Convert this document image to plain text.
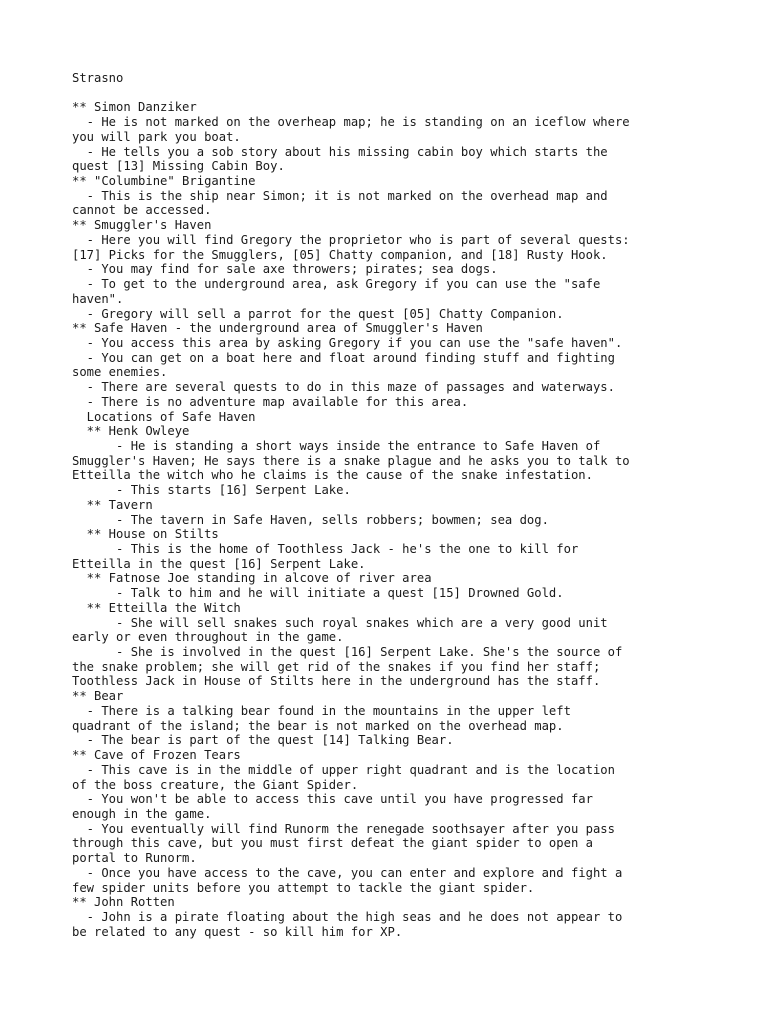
Strasno

** Simon Danziker
- He is not marked on the overheap map; he is standing on an iceflow where
you will park you boat.
- He tells you a sob story about his missing cabin boy which starts the
quest [13] Missing Cabin Boy.
** "Columbine" Brigantine
- This is the ship near Simon; it is not marked on the overhead map and
cannot be accessed.
** Smuggler's Haven
- Here you will find Gregory the proprietor who is part of several quests:
[17] Picks for the Smugglers, [05] Chatty companion, and [18] Rusty Hook.
- You may find for sale axe throwers; pirates; sea dogs.
- To get to the underground area, ask Gregory if you can use the "safe
haven".
- Gregory will sell a parrot for the quest [05] Chatty Companion.
** Safe Haven - the underground area of Smuggler's Haven
- You access this area by asking Gregory if you can use the "safe haven".
- You can get on a boat here and float around finding stuff and fighting
some enemies.
- There are several quests to do in this maze of passages and waterways.
- There is no adventure map available for this area.
Locations of Safe Haven
** Henk Owleye
- He is standing a short ways inside the entrance to Safe Haven of
Smuggler's Haven; He says there is a snake plague and he asks you to talk to
Etteilla the witch who he claims is the cause of the snake infestation.
- This starts [16] Serpent Lake.
** Tavern
- The tavern in Safe Haven, sells robbers; bowmen; sea dog.
** House on Stilts
- This is the home of Toothless Jack - he's the one to kill for
Etteilla in the quest [16] Serpent Lake.
** Fatnose Joe standing in alcove of river area
- Talk to him and he will initiate a quest [15] Drowned Gold.
** Etteilla the Witch
- She will sell snakes such royal snakes which are a very good unit
early or even throughout in the game.
- She is involved in the quest [16] Serpent Lake. She's the source of
the snake problem; she will get rid of the snakes if you find her staff;
Toothless Jack in House of Stilts here in the underground has the staff.
** Bear
- There is a talking bear found in the mountains in the upper left
quadrant of the island; the bear is not marked on the overhead map.
- The bear is part of the quest [14] Talking Bear.
** Cave of Frozen Tears
- This cave is in the middle of upper right quadrant and is the location
of the boss creature, the Giant Spider.
- You won't be able to access this cave until you have progressed far
enough in the game.
- You eventually will find Runorm the renegade soothsayer after you pass
through this cave, but you must first defeat the giant spider to open a
portal to Runorm.
- Once you have access to the cave, you can enter and explore and fight a
few spider units before you attempt to tackle the giant spider.
** John Rotten
- John is a pirate floating about the high seas and he does not appear to
be related to any quest - so kill him for XP.
